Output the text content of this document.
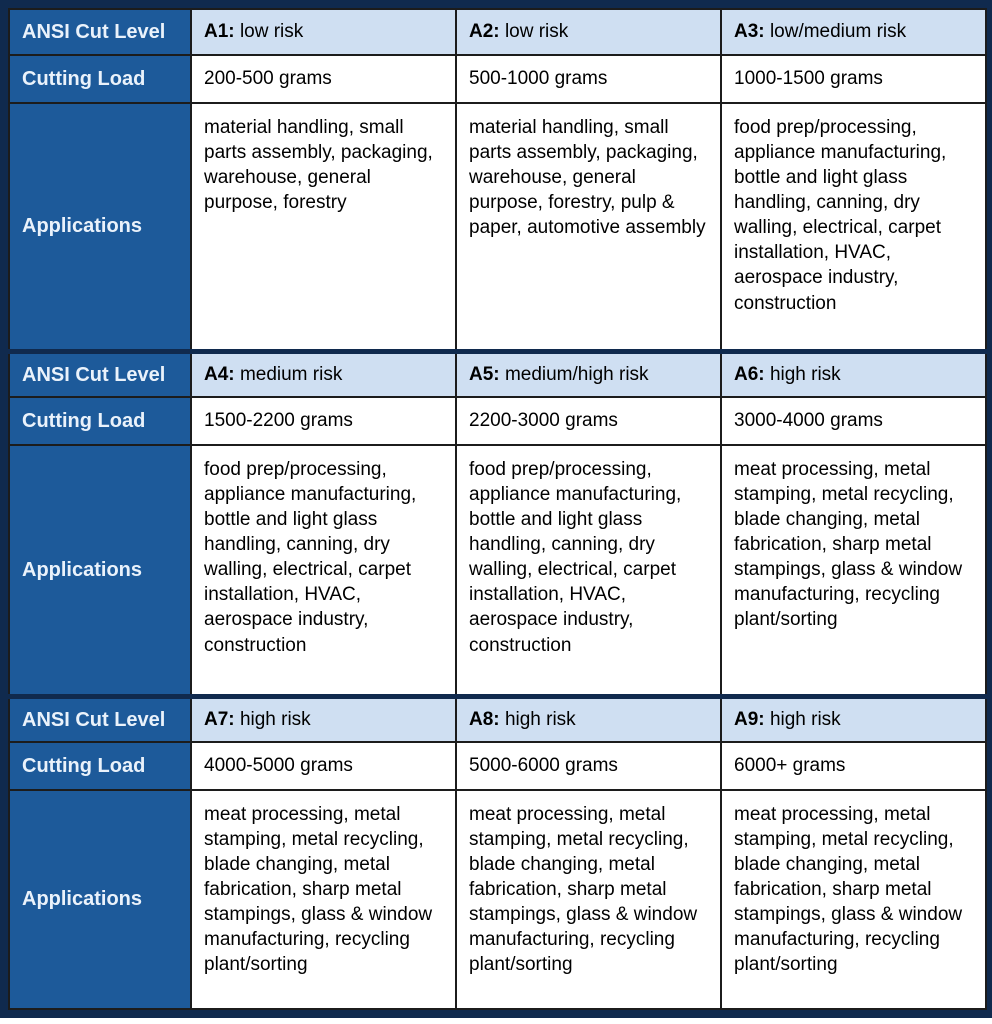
ANSI Cut Level	A1: low risk	A2: low risk	A3: low/medium risk
Cutting Load	200-500 grams	500-1000 grams	1000-1500 grams
Applications	material handling, small parts assembly, packaging, warehouse, general purpose, forestry	material handling, small parts assembly, packaging, warehouse, general purpose, forestry, pulp & paper, automotive assembly	food prep/processing, appliance manufacturing, bottle and light glass handling, canning, dry walling, electrical, carpet installation, HVAC, aerospace industry, construction
ANSI Cut Level	A4: medium risk	A5: medium/high risk	A6: high risk
Cutting Load	1500-2200 grams	2200-3000 grams	3000-4000 grams
Applications	food prep/processing, appliance manufacturing, bottle and light glass handling, canning, dry walling, electrical, carpet installation, HVAC, aerospace industry, construction	food prep/processing, appliance manufacturing, bottle and light glass handling, canning, dry walling, electrical, carpet installation, HVAC, aerospace industry, construction	meat processing, metal stamping, metal recycling, blade changing, metal fabrication, sharp metal stampings, glass & window manufacturing, recycling plant/sorting
ANSI Cut Level	A7: high risk	A8: high risk	A9: high risk
Cutting Load	4000-5000 grams	5000-6000 grams	6000+ grams
Applications	meat processing, metal stamping, metal recycling, blade changing, metal fabrication, sharp metal stampings, glass & window manufacturing, recycling plant/sorting	meat processing, metal stamping, metal recycling, blade changing, metal fabrication, sharp metal stampings, glass & window manufacturing, recycling plant/sorting	meat processing, metal stamping, metal recycling, blade changing, metal fabrication, sharp metal stampings, glass & window manufacturing, recycling plant/sorting
